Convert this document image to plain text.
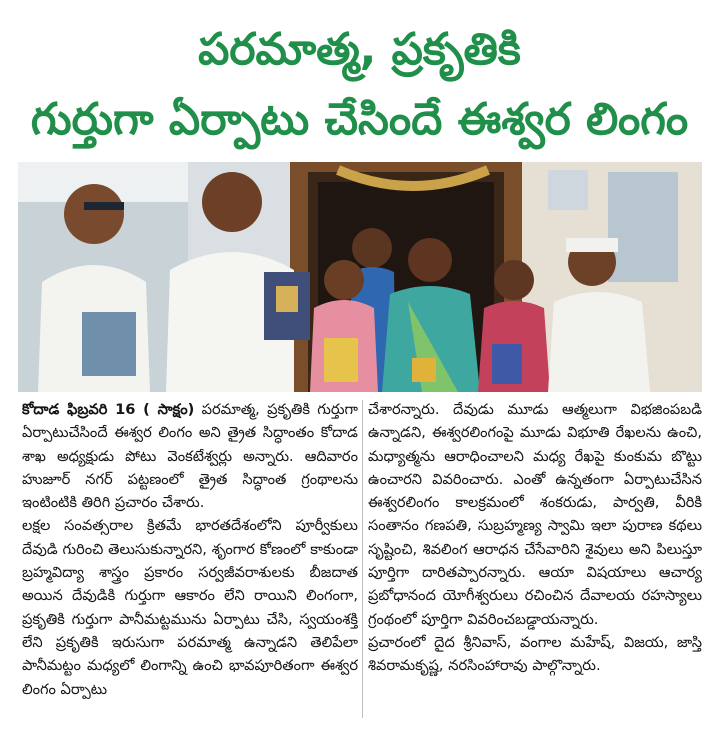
పరమాత్మ, ప్రకృతికి
గుర్తుగా ఏర్పాటు చేసిందే ఈశ్వర లింగం
కోదాడ ఫిబ్రవరి 16 ( సాక్షం) పరమాత్మ, ప్రకృతికి గుర్తుగా ఏర్పాటుచేసిందే ఈశ్వర లింగం అని త్రైత సిద్ధాంతం కోదాడ శాఖ అధ్యక్షుడు పోటు వెంకటేశ్వర్లు అన్నారు. ఆదివారం హుజూర్ నగర్ పట్టణంలో త్రైత సిద్ధాంత గ్రంథాలను ఇంటింటికి తిరిగి ప్రచారం చేశారు.
లక్షల సంవత్సరాల క్రితమే భారతదేశంలోని పూర్వీకులు దేవుడి గురించి తెలుసుకున్నారని, శృంగార కోణంలో కాకుండా బ్రహ్మవిద్యా శాస్త్రం ప్రకారం సర్వజీవరాశులకు బీజదాత అయిన దేవుడికి గుర్తుగా ఆకారం లేని రాయిని లింగంగా, ప్రకృతికి గుర్తుగా పానీమట్టమును ఏర్పాటు చేసి, స్వయంశక్తి లేని ప్రకృతికి ఇరుసుగా పరమాత్మ ఉన్నాడని తెలిపేలా పానీమట్టం మధ్యలో లింగాన్ని ఉంచి భావపూరితంగా ఈశ్వర లింగం ఏర్పాటు
చేశారన్నారు. దేవుడు మూడు ఆత్మలుగా విభజింపబడి ఉన్నాడని, ఈశ్వరలింగంపై మూడు విభూతి రేఖలను ఉంచి, మధ్యాత్మను ఆరాధించాలని మధ్య రేఖపై కుంకుమ బొట్టు ఉంచారని వివరించారు. ఎంతో ఉన్నతంగా ఏర్పాటుచేసిన ఈశ్వరలింగం కాలక్రమంలో శంకరుడు, పార్వతి, వీరికి సంతానం గణపతి, సుబ్రహ్మణ్య స్వామి ఇలా పురాణ కథలు సృష్టించి, శివలింగ ఆరాధన చేసేవారిని శైవులు అని పిలుస్తూ పూర్తిగా దారితప్పారన్నారు. ఆయా విషయాలు ఆచార్య ప్రబోధానంద యోగీశ్వరులు రచించిన దేవాలయ రహస్యాలు గ్రంథంలో పూర్తిగా వివరించబడ్డాయన్నారు.
ప్రచారంలో దైద శ్రీనివాస్, వంగాల మహేష్, విజయ, జాస్తి శివరామకృష్ణ, నరసింహారావు పాల్గొన్నారు.
